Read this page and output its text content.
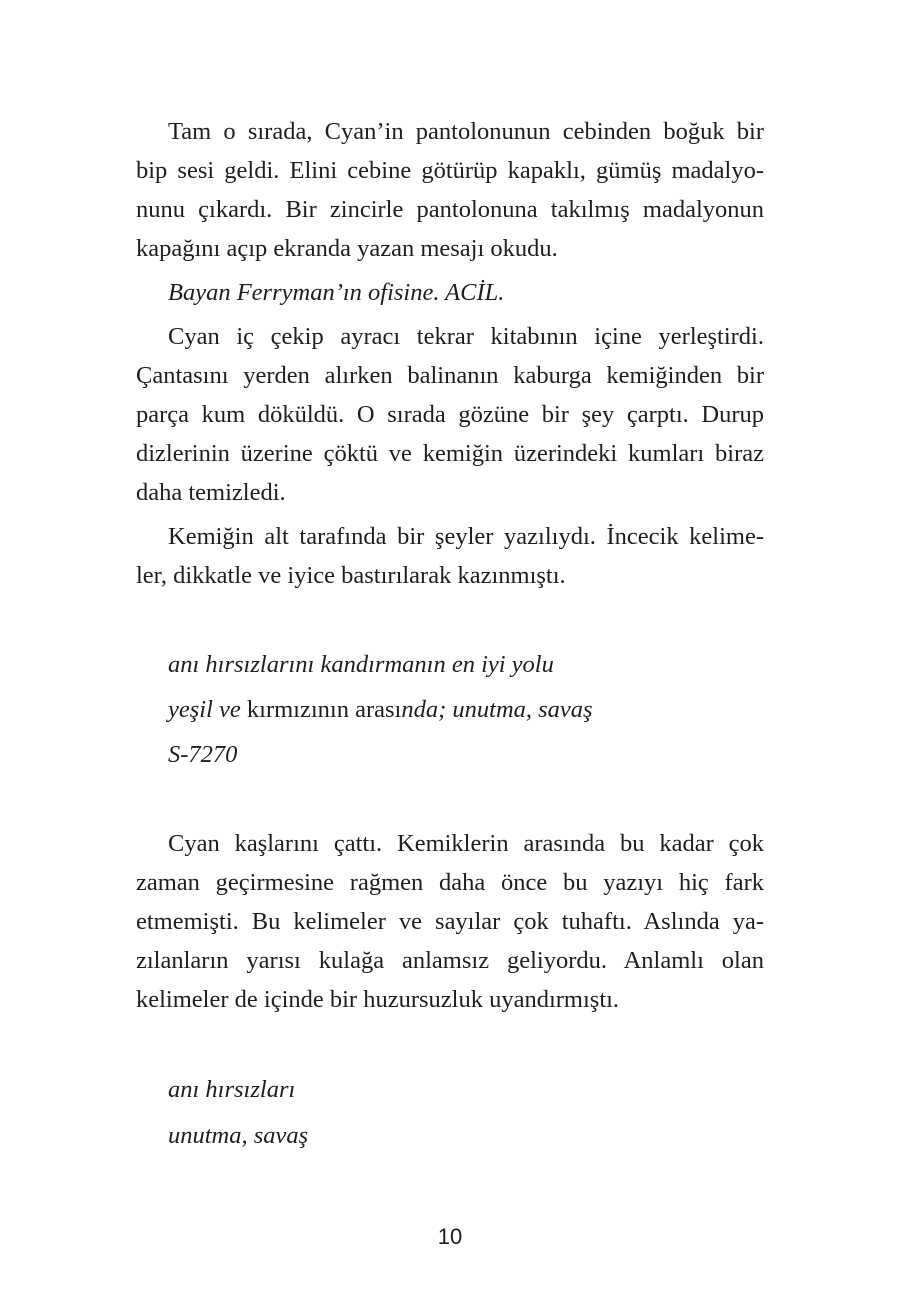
Tam o sırada, Cyan’in pantolonunun cebinden boğuk bir

bip sesi geldi. Elini cebine götürüp kapaklı, gümüş madalyo-

nunu çıkardı. Bir zincirle pantolonuna takılmış madalyonun

kapağını açıp ekranda yazan mesajı okudu.

Bayan Ferryman’ın ofisine. ACİL.

Cyan iç çekip ayracı tekrar kitabının içine yerleştirdi.

Çantasını yerden alırken balinanın kaburga kemiğinden bir

parça kum döküldü. O sırada gözüne bir şey çarptı. Durup

dizlerinin üzerine çöktü ve kemiğin üzerindeki kumları biraz

daha temizledi.

Kemiğin alt tarafında bir şeyler yazılıydı. İncecik kelime-

ler, dikkatle ve iyice bastırılarak kazınmıştı.

anı hırsızlarını kandırmanın en iyi yolu

yeşil ve kırmızının arasında; unutma, savaş

S-7270

Cyan kaşlarını çattı. Kemiklerin arasında bu kadar çok

zaman geçirmesine rağmen daha önce bu yazıyı hiç fark

etmemişti. Bu kelimeler ve sayılar çok tuhaftı. Aslında ya-

zılanların yarısı kulağa anlamsız geliyordu. Anlamlı olan

kelimeler de içinde bir huzursuzluk uyandırmıştı.

anı hırsızları

unutma, savaş

10
